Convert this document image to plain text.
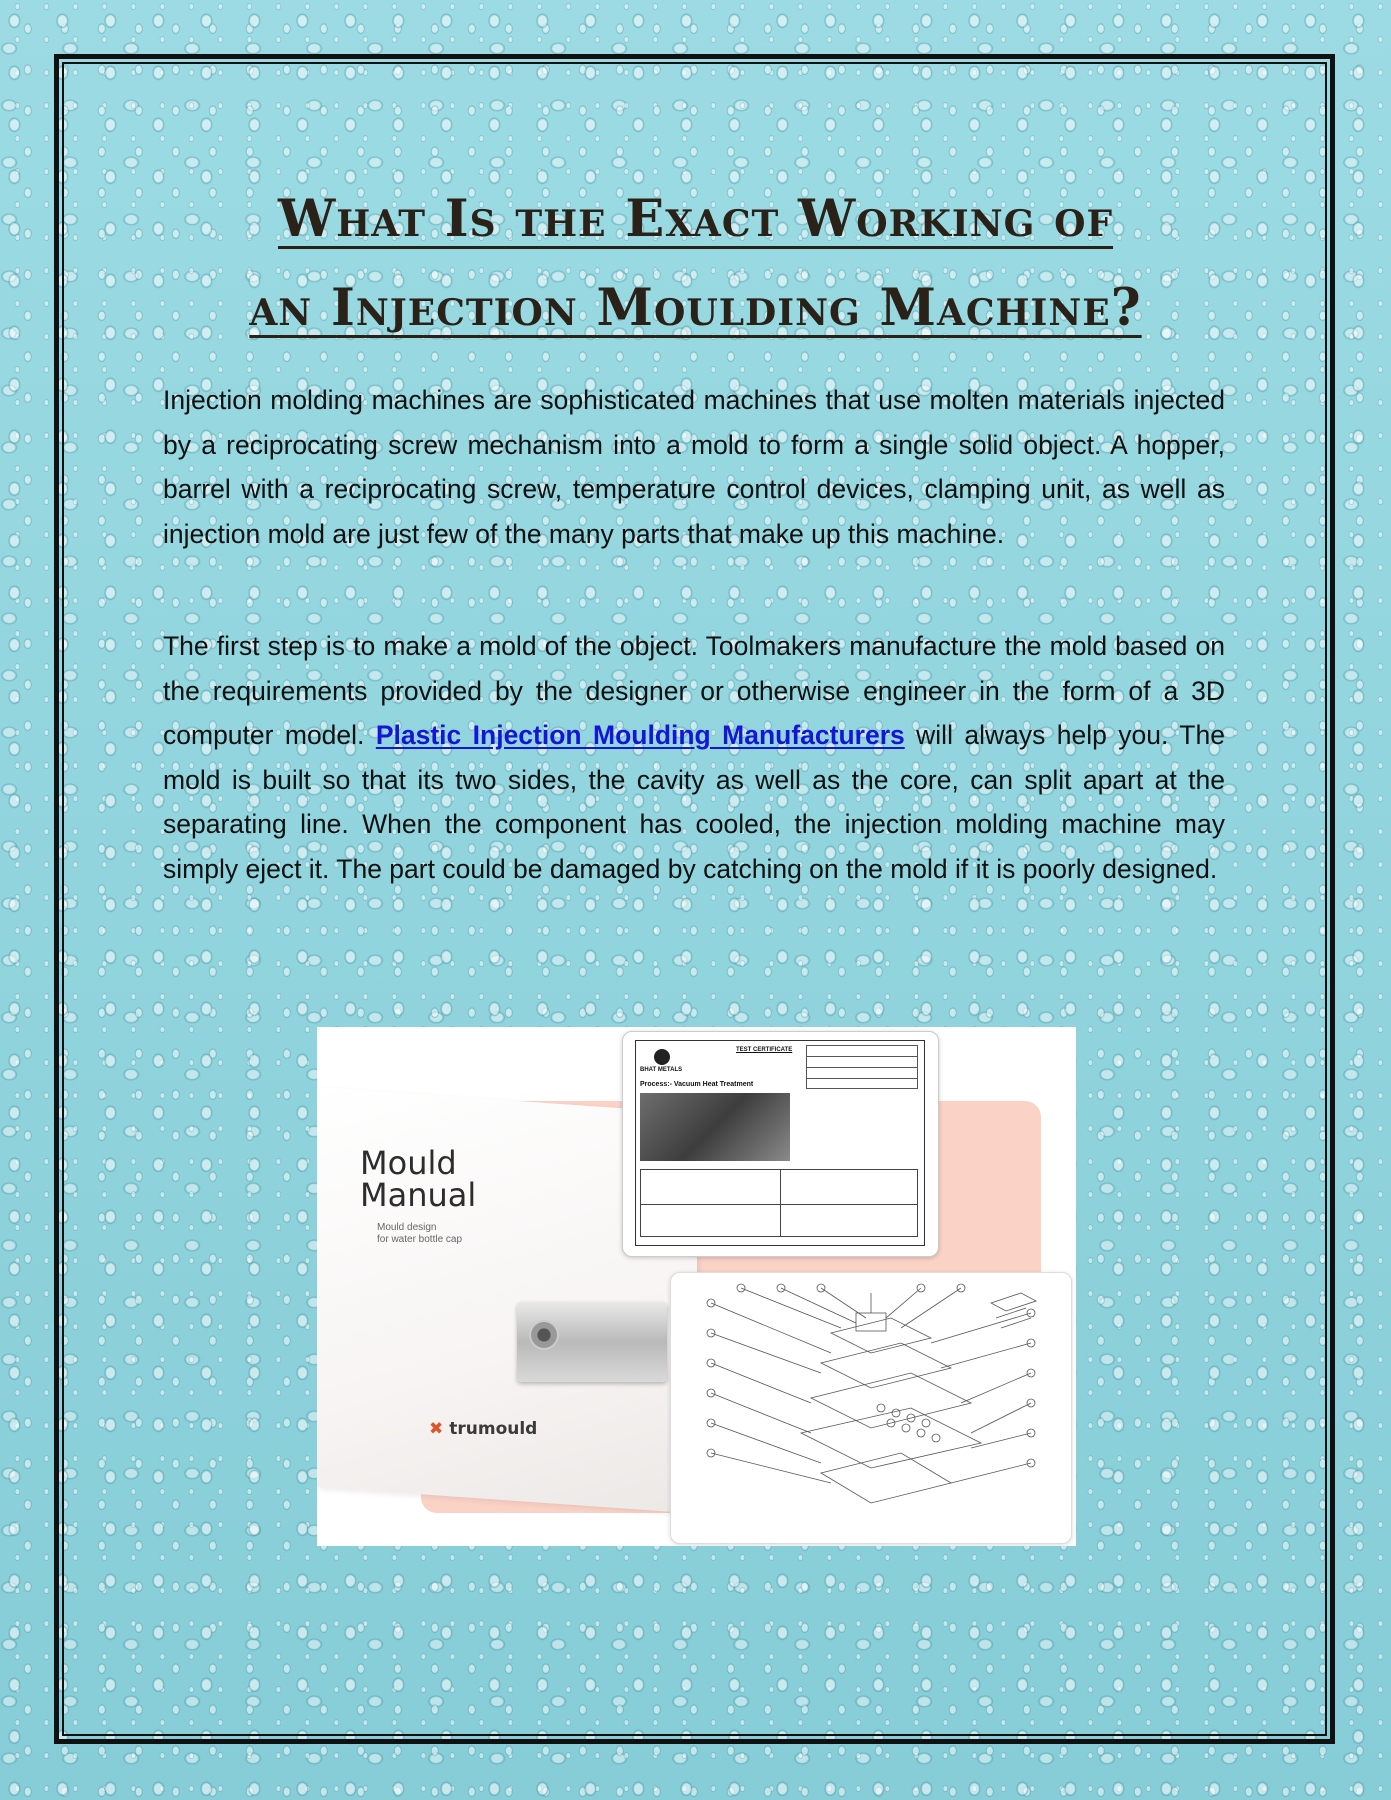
What Is the Exact Working of
an Injection Moulding Machine?

Injection molding machines are sophisticated machines that use molten materials injected by a reciprocating screw mechanism into a mold to form a single solid object. A hopper, barrel with a reciprocating screw, temperature control devices, clamping unit, as well as injection mold are just few of the many parts that make up this machine.

The first step is to make a mold of the object. Toolmakers manufacture the mold based on the requirements provided by the designer or otherwise engineer in the form of a 3D computer model. Plastic Injection Moulding Manufacturers will always help you. The mold is built so that its two sides, the cavity as well as the core, can split apart at the separating line. When the component has cooled, the injection molding machine may simply eject it. The part could be damaged by catching on the mold if it is poorly designed.

Mould
Manual

Mould design
for water bottle cap

✖ trumould
BHAT METALS
TEST CERTIFICATE
Process:- Vacuum Heat Treatment
